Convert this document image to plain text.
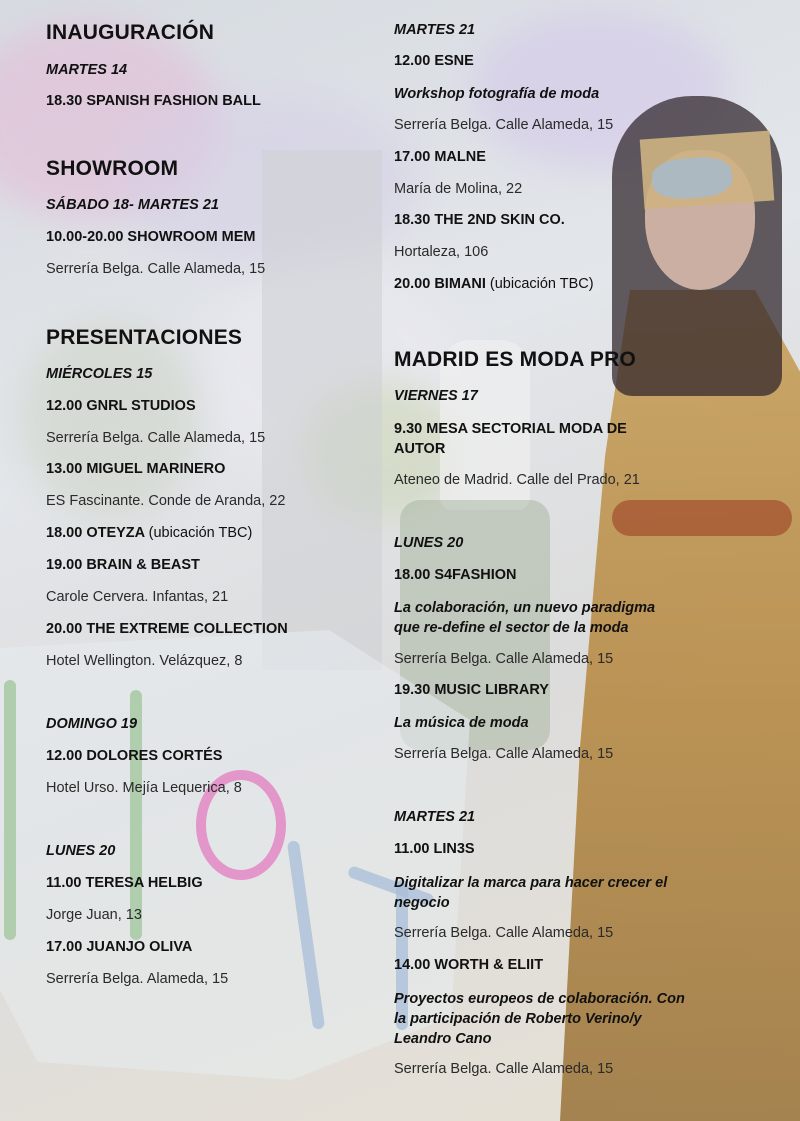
INAUGURACIÓN

MARTES 14

18.30 SPANISH FASHION BALL

SHOWROOM

SÁBADO 18- MARTES 21

10.00-20.00 SHOWROOM MEM

Serrería Belga. Calle Alameda, 15

PRESENTACIONES

MIÉRCOLES 15

12.00 GNRL STUDIOS

Serrería Belga. Calle Alameda, 15

13.00 MIGUEL MARINERO

ES Fascinante. Conde de Aranda, 22

18.00 OTEYZA (ubicación TBC)

19.00 BRAIN & BEAST

Carole Cervera. Infantas, 21

20.00 THE EXTREME COLLECTION

Hotel Wellington. Velázquez, 8

DOMINGO 19

12.00 DOLORES CORTÉS

Hotel Urso. Mejía Lequerica, 8

LUNES 20

11.00 TERESA HELBIG

Jorge Juan, 13

17.00 JUANJO OLIVA

Serrería Belga. Alameda, 15

MARTES 21

12.00 ESNE

Workshop fotografía de moda

Serrería Belga. Calle Alameda, 15

17.00 MALNE

María de Molina, 22

18.30 THE 2ND SKIN CO.

Hortaleza, 106

20.00 BIMANI (ubicación TBC)

MADRID ES MODA PRO

VIERNES 17

9.30 MESA SECTORIAL MODA DE AUTOR

Ateneo de Madrid. Calle del Prado, 21

LUNES 20

18.00 S4FASHION

La colaboración, un nuevo paradigma que re-define el sector de la moda

Serrería Belga. Calle Alameda, 15

19.30 MUSIC LIBRARY

La música de moda

Serrería Belga. Calle Alameda, 15

MARTES 21

11.00 LIN3S

Digitalizar la marca para hacer crecer el negocio

Serrería Belga. Calle Alameda, 15

14.00 WORTH & ELIIT

Proyectos europeos de colaboración. Con la participación de Roberto Verino/y Leandro Cano

Serrería Belga. Calle Alameda, 15
